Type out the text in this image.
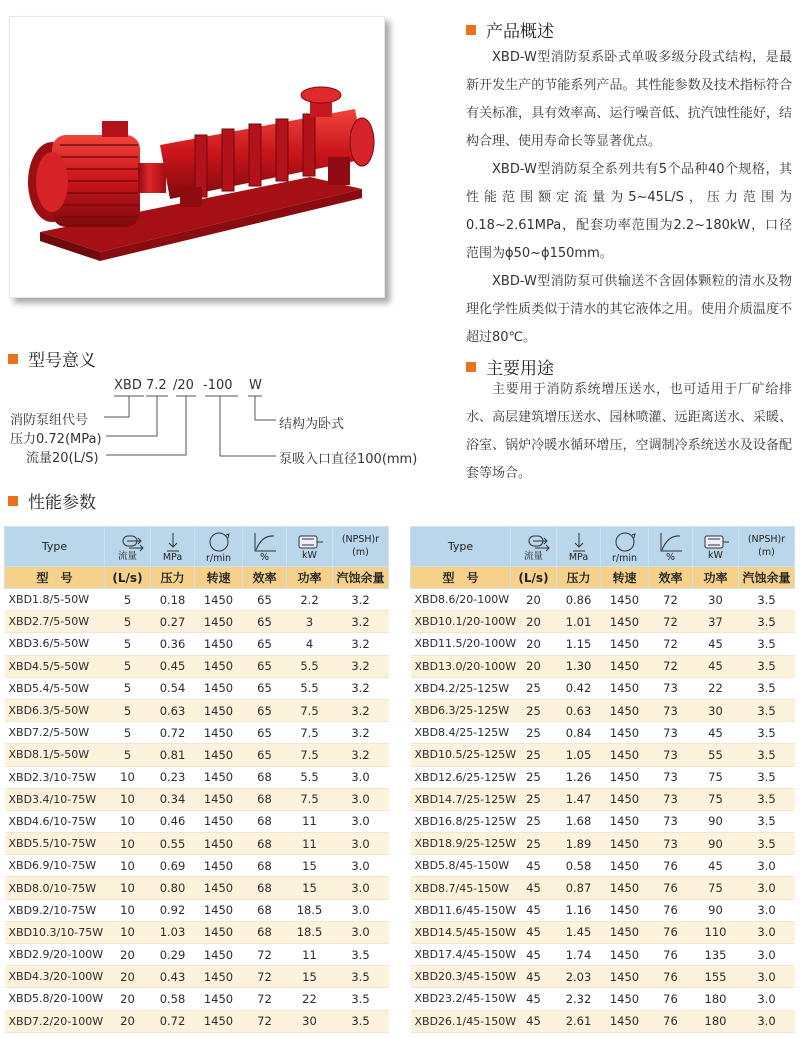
产品概述

XBD-W型消防泵系卧式单吸多级分段式结构，是最新开发生产的节能系列产品。其性能参数及技术指标符合有关标准，具有效率高、运行噪音低、抗汽蚀性能好，结构合理、使用寿命长等显著优点。

XBD-W型消防泵全系列共有5个品种40个规格，其性能范围额定流量为5~45L/S，压力范围为0.18~2.61MPa，配套功率范围为2.2~180kW，口径范围为ϕ50~ϕ150mm。

XBD-W型消防泵可供输送不含固体颗粒的清水及物理化学性质类似于清水的其它液体之用。使用介质温度不超过80℃。

型号意义
XBD 7.2 /20 -100 W
消防泵组代号
压力0.72(MPa)
流量20(L/S)
结构为卧式
泵吸入口直径100(mm)
主要用途

主要用于消防系统增压送水，也可适用于厂矿给排水、高层建筑增压送水、园林喷灌、远距离送水、采暖、浴室、锅炉冷暖水循环增压，空调制冷系统送水及设备配套等场合。

性能参数
Type	流量	MPa	r/min	%	kW	(NPSH)r
(m)

型　号	(L/s)	压力	转速	效率	功率	汽蚀余量
XBD1.8/5-50W	5	0.18	1450	65	2.2	3.2
XBD2.7/5-50W	5	0.27	1450	65	3	3.2
XBD3.6/5-50W	5	0.36	1450	65	4	3.2
XBD4.5/5-50W	5	0.45	1450	65	5.5	3.2
XBD5.4/5-50W	5	0.54	1450	65	5.5	3.2
XBD6.3/5-50W	5	0.63	1450	65	7.5	3.2
XBD7.2/5-50W	5	0.72	1450	65	7.5	3.2
XBD8.1/5-50W	5	0.81	1450	65	7.5	3.2
XBD2.3/10-75W	10	0.23	1450	68	5.5	3.0
XBD3.4/10-75W	10	0.34	1450	68	7.5	3.0
XBD4.6/10-75W	10	0.46	1450	68	11	3.0
XBD5.5/10-75W	10	0.55	1450	68	11	3.0
XBD6.9/10-75W	10	0.69	1450	68	15	3.0
XBD8.0/10-75W	10	0.80	1450	68	15	3.0
XBD9.2/10-75W	10	0.92	1450	68	18.5	3.0
XBD10.3/10-75W	10	1.03	1450	68	18.5	3.0
XBD2.9/20-100W	20	0.29	1450	72	11	3.5
XBD4.3/20-100W	20	0.43	1450	72	15	3.5
XBD5.8/20-100W	20	0.58	1450	72	22	3.5
XBD7.2/20-100W	20	0.72	1450	72	30	3.5
Type	流量	MPa	r/min	%	kW	(NPSH)r
(m)

型　号	(L/s)	压力	转速	效率	功率	汽蚀余量
XBD8.6/20-100W	20	0.86	1450	72	30	3.5
XBD10.1/20-100W	20	1.01	1450	72	37	3.5
XBD11.5/20-100W	20	1.15	1450	72	45	3.5
XBD13.0/20-100W	20	1.30	1450	72	45	3.5
XBD4.2/25-125W	25	0.42	1450	73	22	3.5
XBD6.3/25-125W	25	0.63	1450	73	30	3.5
XBD8.4/25-125W	25	0.84	1450	73	45	3.5
XBD10.5/25-125W	25	1.05	1450	73	55	3.5
XBD12.6/25-125W	25	1.26	1450	73	75	3.5
XBD14.7/25-125W	25	1.47	1450	73	75	3.5
XBD16.8/25-125W	25	1.68	1450	73	90	3.5
XBD18.9/25-125W	25	1.89	1450	73	90	3.5
XBD5.8/45-150W	45	0.58	1450	76	45	3.0
XBD8.7/45-150W	45	0.87	1450	76	75	3.0
XBD11.6/45-150W	45	1.16	1450	76	90	3.0
XBD14.5/45-150W	45	1.45	1450	76	110	3.0
XBD17.4/45-150W	45	1.74	1450	76	135	3.0
XBD20.3/45-150W	45	2.03	1450	76	155	3.0
XBD23.2/45-150W	45	2.32	1450	76	180	3.0
XBD26.1/45-150W	45	2.61	1450	76	180	3.0
